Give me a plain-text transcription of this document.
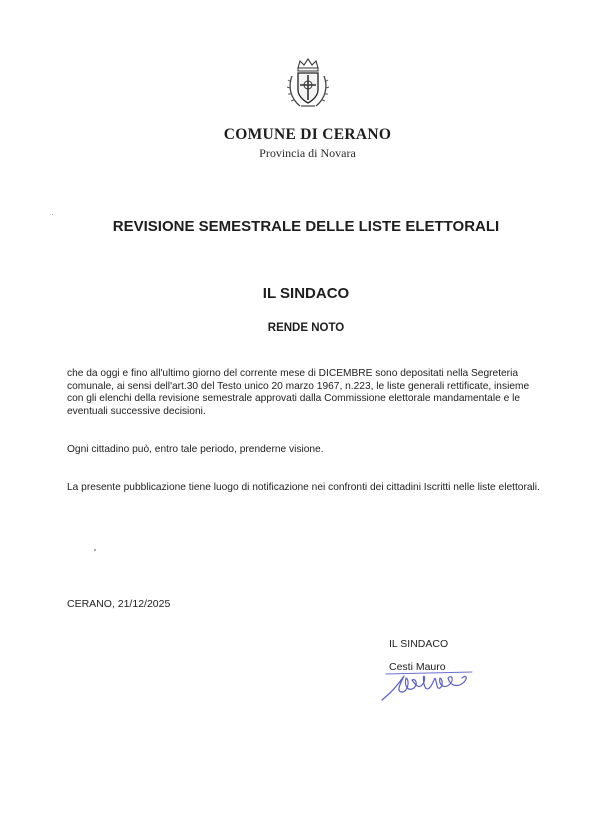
COMUNE DI CERANO
Provincia di Novara
REVISIONE SEMESTRALE DELLE LISTE ELETTORALI
IL SINDACO
RENDE NOTO
che da oggi e fino all'ultimo giorno del corrente mese di DICEMBRE sono depositati nella Segreteria comunale, ai sensi dell'art.30 del Testo unico 20 marzo 1967, n.223, le liste generali rettificate, insieme con gli elenchi della revisione semestrale approvati dalla Commissione elettorale mandamentale e le eventuali successive decisioni.
Ogni cittadino può, entro tale periodo, prenderne visione.
La presente pubblicazione tiene luogo di notificazione nei confronti dei cittadini Iscritti nelle liste elettorali.
CERANO, 21/12/2025
IL SINDACO
Cesti Mauro
